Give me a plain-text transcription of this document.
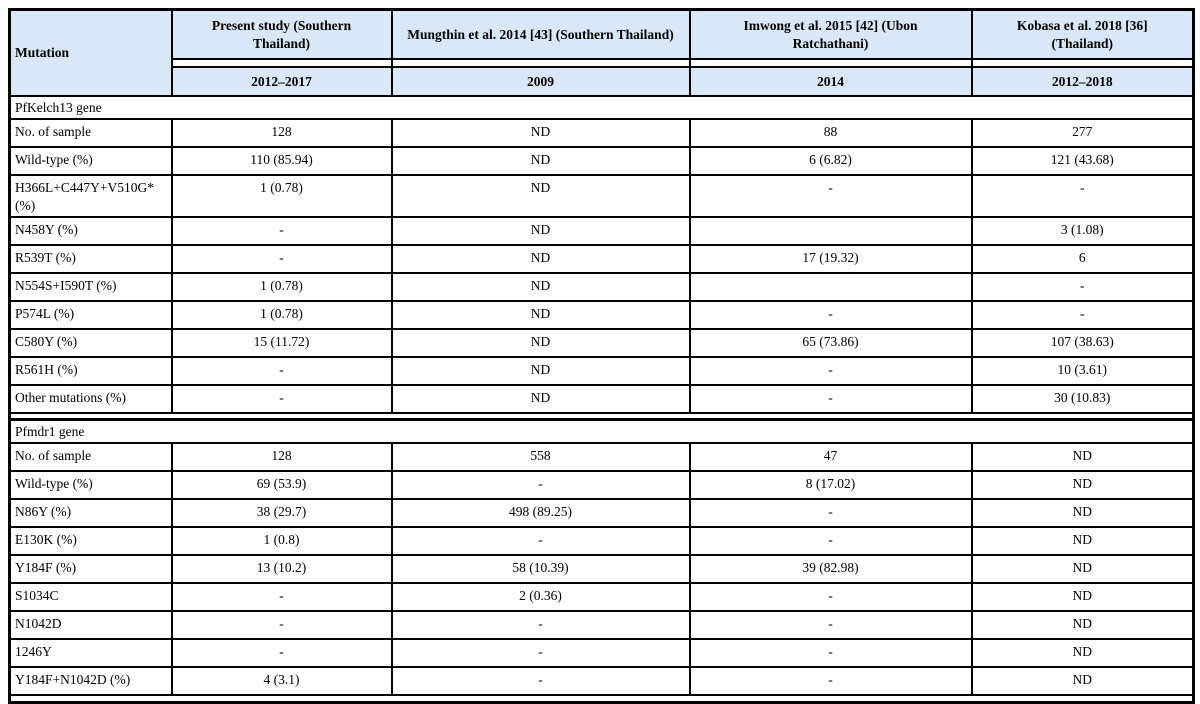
Mutation	Present study (Southern Thailand)	Mungthin et al. 2014 [43] (Southern Thailand)	Imwong et al. 2015 [42] (Ubon Ratchathani)	Kobasa et al. 2018 [36] (Thailand)

	2012–2017	2009	2014	2012–2018
PfKelch13 gene				
No. of sample	128	ND	88	277
Wild-type (%)	110 (85.94)	ND	6 (6.82)	121 (43.68)
H366L+C447Y+V510G* (%)	1 (0.78)	ND	-	-
N458Y (%)	-	ND		3 (1.08)
R539T (%)	-	ND	17 (19.32)	6
N554S+I590T (%)	1 (0.78)	ND		-
P574L (%)	1 (0.78)	ND	-	-
C580Y (%)	15 (11.72)	ND	65 (73.86)	107 (38.63)
R561H (%)	-	ND	-	10 (3.61)
Other mutations (%)	-	ND	-	30 (10.83)

Pfmdr1 gene				
No. of sample	128	558	47	ND
Wild-type (%)	69 (53.9)	-	8 (17.02)	ND
N86Y (%)	38 (29.7)	498 (89.25)	-	ND
E130K (%)	1 (0.8)	-	-	ND
Y184F (%)	13 (10.2)	58 (10.39)	39 (82.98)	ND
S1034C	-	2 (0.36)	-	ND
N1042D	-	-	-	ND
1246Y	-	-	-	ND
Y184F+N1042D (%)	4 (3.1)	-	-	ND
